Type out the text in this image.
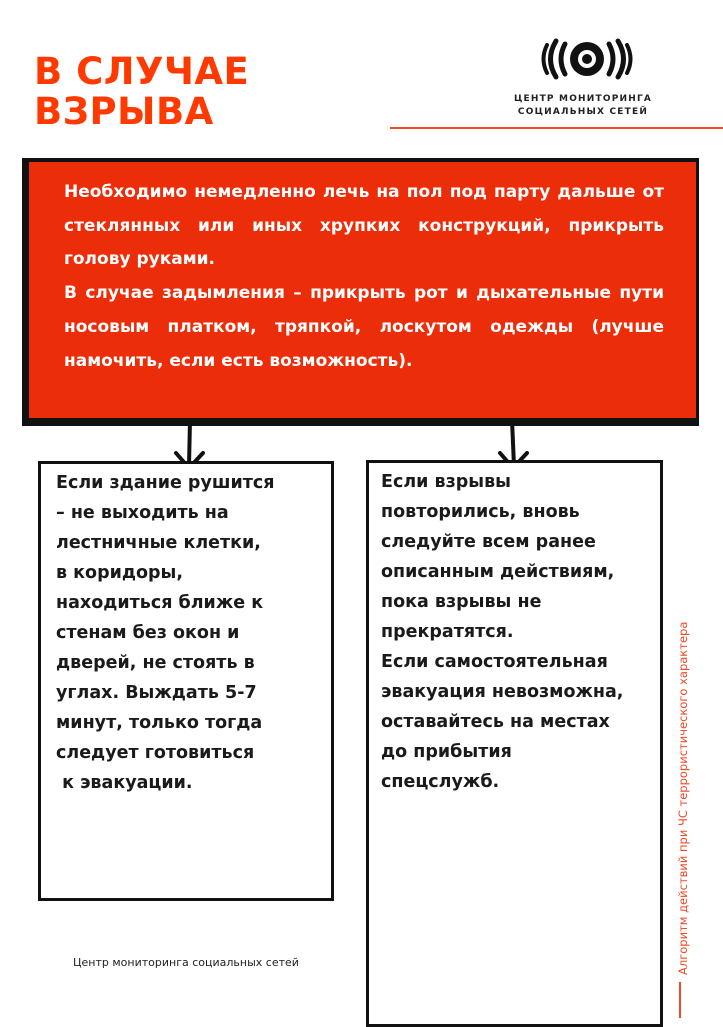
В СЛУЧАЕ
ВЗРЫВА	ЦЕНТР МОНИТОРИНГА
СОЦИАЛЬНЫХ СЕТЕЙ

Необходимо немедленно лечь на пол под парту дальше от стеклянных или иных хрупких конструкций, прикрыть голову руками.

В случае задымления – прикрыть рот и дыхательные пути носовым платком, тряпкой, лоскутом одежды (лучше намочить, если есть возможность).

Если здание рушится
– не выходить на
лестничные клетки,
в коридоры,
находиться ближе к
стенам без окон и
дверей, не стоять в
углах. Выждать 5-7
минут, только тогда
следует готовиться
к эвакуации.
Если взрывы
повторились, вновь
следуйте всем ранее
описанным действиям,
пока взрывы не
прекратятся.
Если самостоятельная
эвакуация невозможна,
оставайтесь на местах
до прибытия
спецслужб.	Алгоритм действий при ЧС террористического характера
Центр мониторинга социальных сетей
